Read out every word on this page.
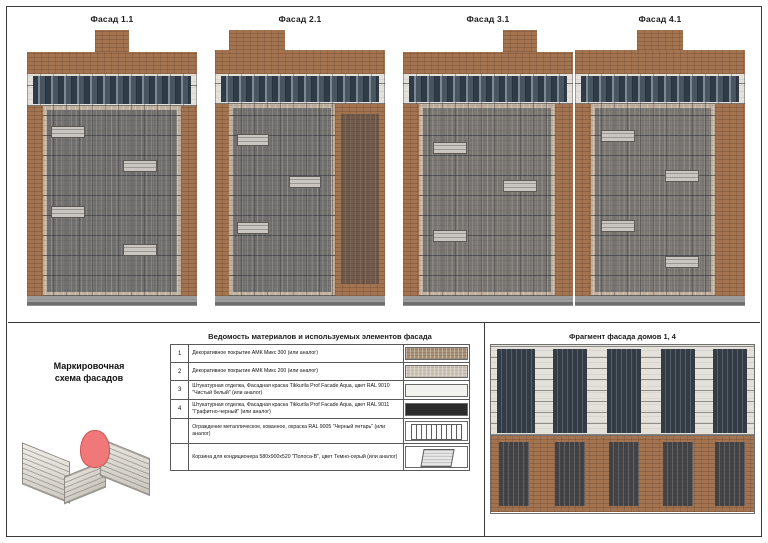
Фасад 1.1	Фасад 2.1	Фасад 3.1	Фасад 4.1
Маркировочная
схема фасадов
Ведомость материалов и используемых элементов фасада
1	Декоративное покрытие АМК Микс 300 (или аналог)	

2	Декоративное покрытие АМК Микс 200 (или аналог)	

3	Штукатурная отделка, Фасадная краска Tikkurila Prof Facade Aqua, цвет RAL 9010 "Чистый белый" (или аналог)	

4	Штукатурная отделка, Фасадная краска Tikkurila Prof Facade Aqua, цвет RAL 9011 "Графитно-черный" (или аналог)	

	Ограждение металлическое, кованное, окраска RAL 9005 "Черный янтарь" (или аналог)	

	Корзина для кондиционера 580x900x520 "Полоса-В", цвет Темно-серый (или аналог)	
Фрагмент фасада домов 1, 4
